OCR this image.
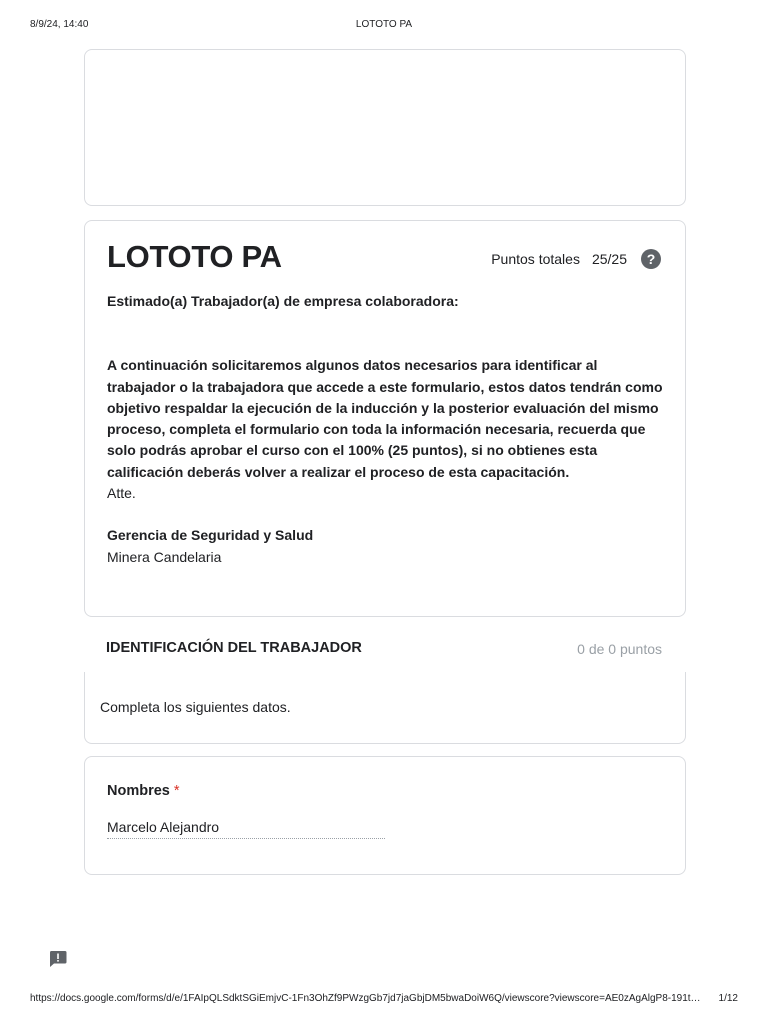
8/9/24, 14:40	LOTOTO PA
LOTOTO PA	Puntos totales 25/25	?

Estimado(a) Trabajador(a) de empresa colaboradora:

A continuación solicitaremos algunos datos necesarios para identificar al trabajador o la trabajadora que accede a este formulario, estos datos tendrán como objetivo respaldar la ejecución de la inducción y la posterior evaluación del mismo proceso, completa el formulario con toda la información necesaria, recuerda que solo podrás aprobar el curso con el 100% (25 puntos), si no obtienes esta calificación deberás volver a realizar el proceso de esta capacitación.

Atte.

Gerencia de Seguridad y Salud

Minera Candelaria

IDENTIFICACIÓN DEL TRABAJADOR	0 de 0 puntos
Completa los siguientes datos.
Nombres *
Marcelo Alejandro
https://docs.google.com/forms/d/e/1FAIpQLSdktSGiEmjvC-1Fn3OhZf9PWzgGb7jd7jaGbjDM5bwaDoiW6Q/viewscore?viewscore=AE0zAgAlgP8-191t…	1/12
